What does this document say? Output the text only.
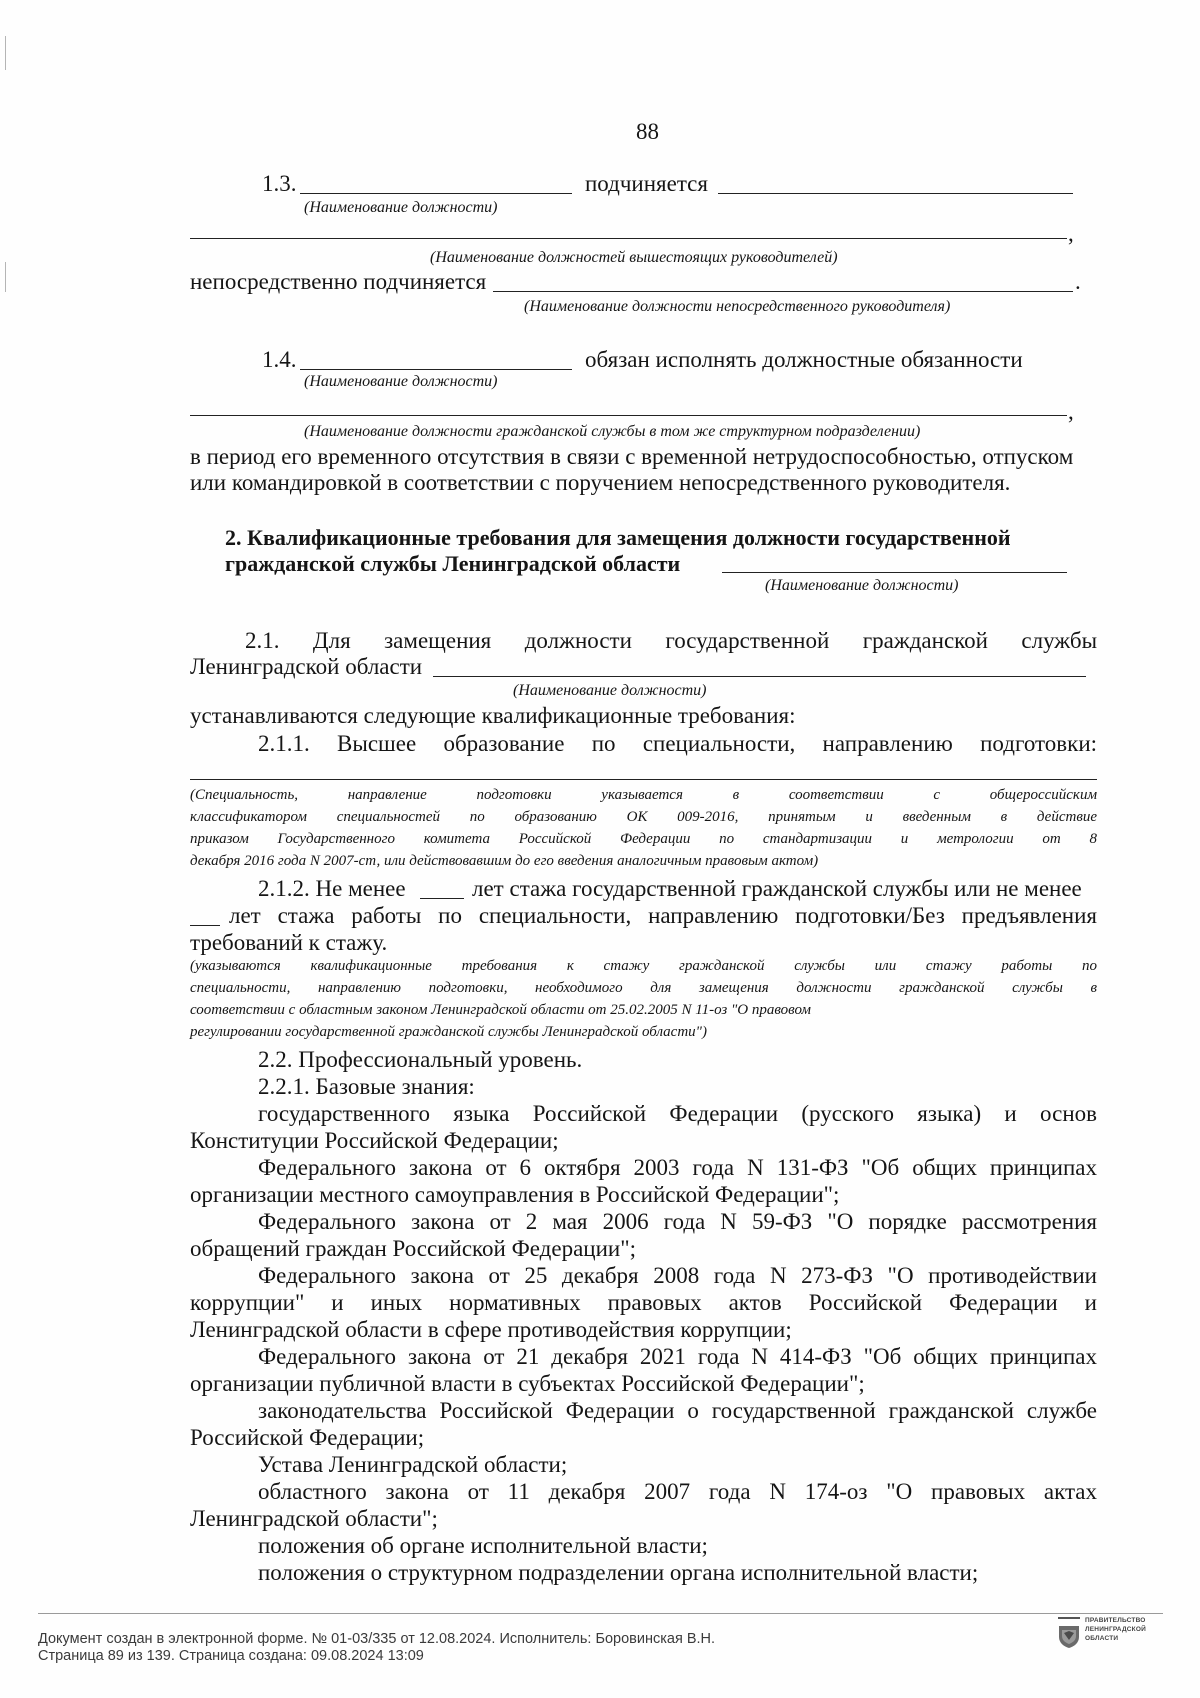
88

1.3.	подчиняется

(Наименование должности)

,

(Наименование должностей вышестоящих руководителей)

непосредственно подчиняется	.

(Наименование должности непосредственного руководителя)

1.4.	обязан исполнять должностные обязанности

(Наименование должности)

,

(Наименование должности гражданской службы в том же структурном подразделении)

в период его временного отсутствия в связи с временной нетрудоспособностью, отпуском

или командировкой в соответствии с поручением непосредственного руководителя.

2. Квалификационные требования для замещения должности государственной

гражданской службы Ленинградской области

(Наименование должности)

2.1. Для замещения должности государственной гражданской службы

Ленинградской области

(Наименование должности)

устанавливаются следующие квалификационные требования:

2.1.1. Высшее образование по специальности, направлению подготовки:

(Специальность,	направление	подготовки	указывается	в	соответствии	с	общероссийским

классификатором специальностей по образованию ОК 009-2016, принятым и введенным в действие

приказом Государственного комитета Российской Федерации по стандартизации и метрологии от 8

декабря 2016 года N 2007-ст, или действовавшим до его введения аналогичным правовым актом)

2.1.2. Не менее	лет стажа государственной гражданской службы или не менее

лет стажа работы по специальности, направлению подготовки/Без предъявления

требований к стажу.

(указываются квалификационные требования к стажу гражданской службы или стажу работы по

специальности, направлению подготовки, необходимого для замещения должности гражданской службы в

соответствии с областным законом Ленинградской области от 25.02.2005 N 11-оз "О правовом

регулировании государственной гражданской службы Ленинградской области")

2.2. Профессиональный уровень.

2.2.1. Базовые знания:

государственного языка Российской Федерации (русского языка) и основ

Конституции Российской Федерации;

Федерального закона от 6 октября 2003 года N 131-ФЗ "Об общих принципах

организации местного самоуправления в Российской Федерации";

Федерального закона от 2 мая 2006 года N 59-ФЗ "О порядке рассмотрения

обращений граждан Российской Федерации";

Федерального закона от 25 декабря 2008 года N 273-ФЗ "О противодействии

коррупции" и иных нормативных правовых актов Российской Федерации и

Ленинградской области в сфере противодействия коррупции;

Федерального закона от 21 декабря 2021 года N 414-ФЗ "Об общих принципах

организации публичной власти в субъектах Российской Федерации";

законодательства Российской Федерации о государственной гражданской службе

Российской Федерации;

Устава Ленинградской области;

областного закона от 11 декабря 2007 года N 174-оз "О правовых актах

Ленинградской области";

положения об органе исполнительной власти;

положения о структурном подразделении органа исполнительной власти;

Документ создан в электронной форме. № 01-03/335 от 12.08.2024. Исполнитель: Боровинская В.Н.

Страница 89 из 139. Страница создана: 09.08.2024 13:09

ПРАВИТЕЛЬСТВО
ЛЕНИНГРАДСКОЙ
ОБЛАСТИ
